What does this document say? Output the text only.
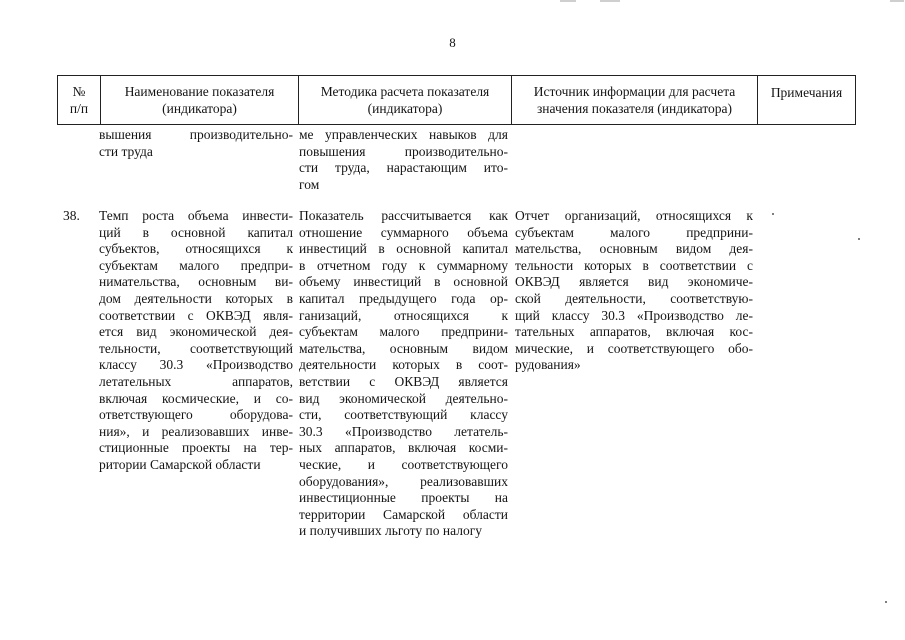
8
№
п/п
Наименование показателя
(индикатора)
Методика расчета показателя
(индикатора)
Источник информации для расчета
значения показателя (индикатора)
Примечания
вышения производительно-
сти труда
ме управленческих навыков для
повышения производительно-
сти труда, нарастающим ито-
гом
38. Темп роста объема инвести-
ций в основной капитал
субъектов, относящихся к
субъектам малого предпри-
нимательства, основным ви-
дом деятельности которых в
соответствии с ОКВЭД явля-
ется вид экономической дея-
тельности, соответствующий
классу 30.3 «Производство
летательных аппаратов,
включая космические, и со-
ответствующего оборудова-
ния», и реализовавших инве-
стиционные проекты на тер-
ритории Самарской области
Показатель рассчитывается как
отношение суммарного объема
инвестиций в основной капитал
в отчетном году к суммарному
объему инвестиций в основной
капитал предыдущего года ор-
ганизаций, относящихся к
субъектам малого предприни-
мательства, основным видом
деятельности которых в соот-
ветствии с ОКВЭД является
вид экономической деятельно-
сти, соответствующий классу
30.3 «Производство летатель-
ных аппаратов, включая косми-
ческие, и соответствующего
оборудования», реализовавших
инвестиционные проекты на
территории Самарской области
и получивших льготу по налогу
Отчет организаций, относящихся к
субъектам малого предприни-
мательства, основным видом дея-
тельности которых в соответствии с
ОКВЭД является вид экономиче-
ской деятельности, соответствую-
щий классу 30.3 «Производство ле-
тательных аппаратов, включая кос-
мические, и соответствующего обо-
рудования»
